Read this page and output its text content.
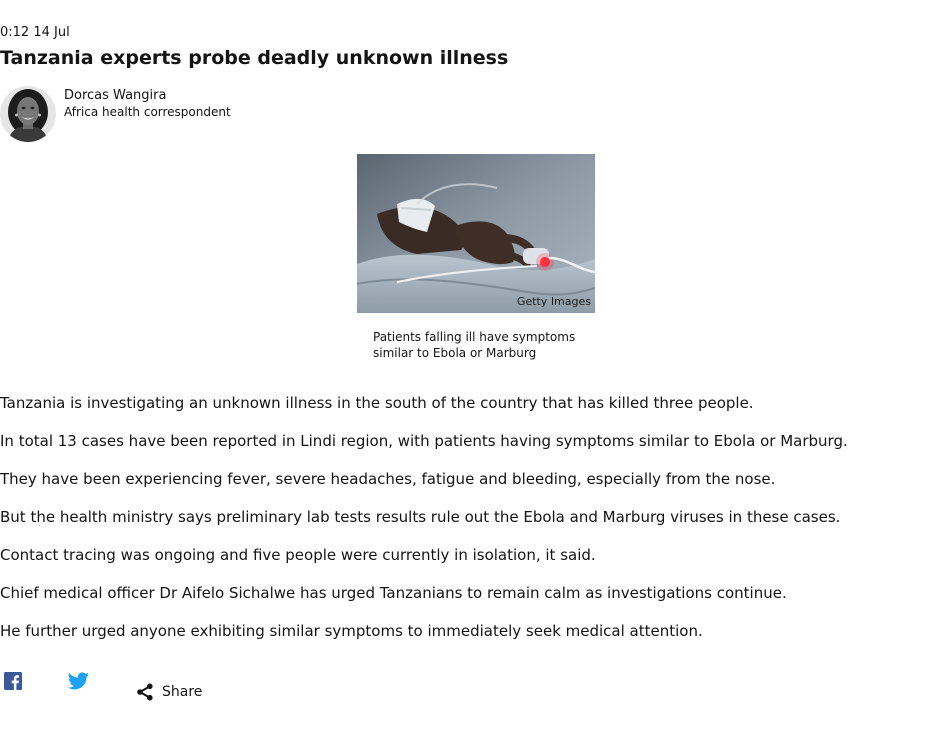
0:12 14 Jul
Tanzania experts probe deadly unknown illness
Dorcas Wangira
Africa health correspondent
Getty Images
Patients falling ill have symptoms similar to Ebola or Marburg

Tanzania is investigating an unknown illness in the south of the country that has killed three people.

In total 13 cases have been reported in Lindi region, with patients having symptoms similar to Ebola or Marburg.

They have been experiencing fever, severe headaches, fatigue and bleeding, especially from the nose.

But the health ministry says preliminary lab tests results rule out the Ebola and Marburg viruses in these cases.

Contact tracing was ongoing and five people were currently in isolation, it said.

Chief medical officer Dr Aifelo Sichalwe has urged Tanzanians to remain calm as investigations continue.

He further urged anyone exhibiting similar symptoms to immediately seek medical attention.

Share
